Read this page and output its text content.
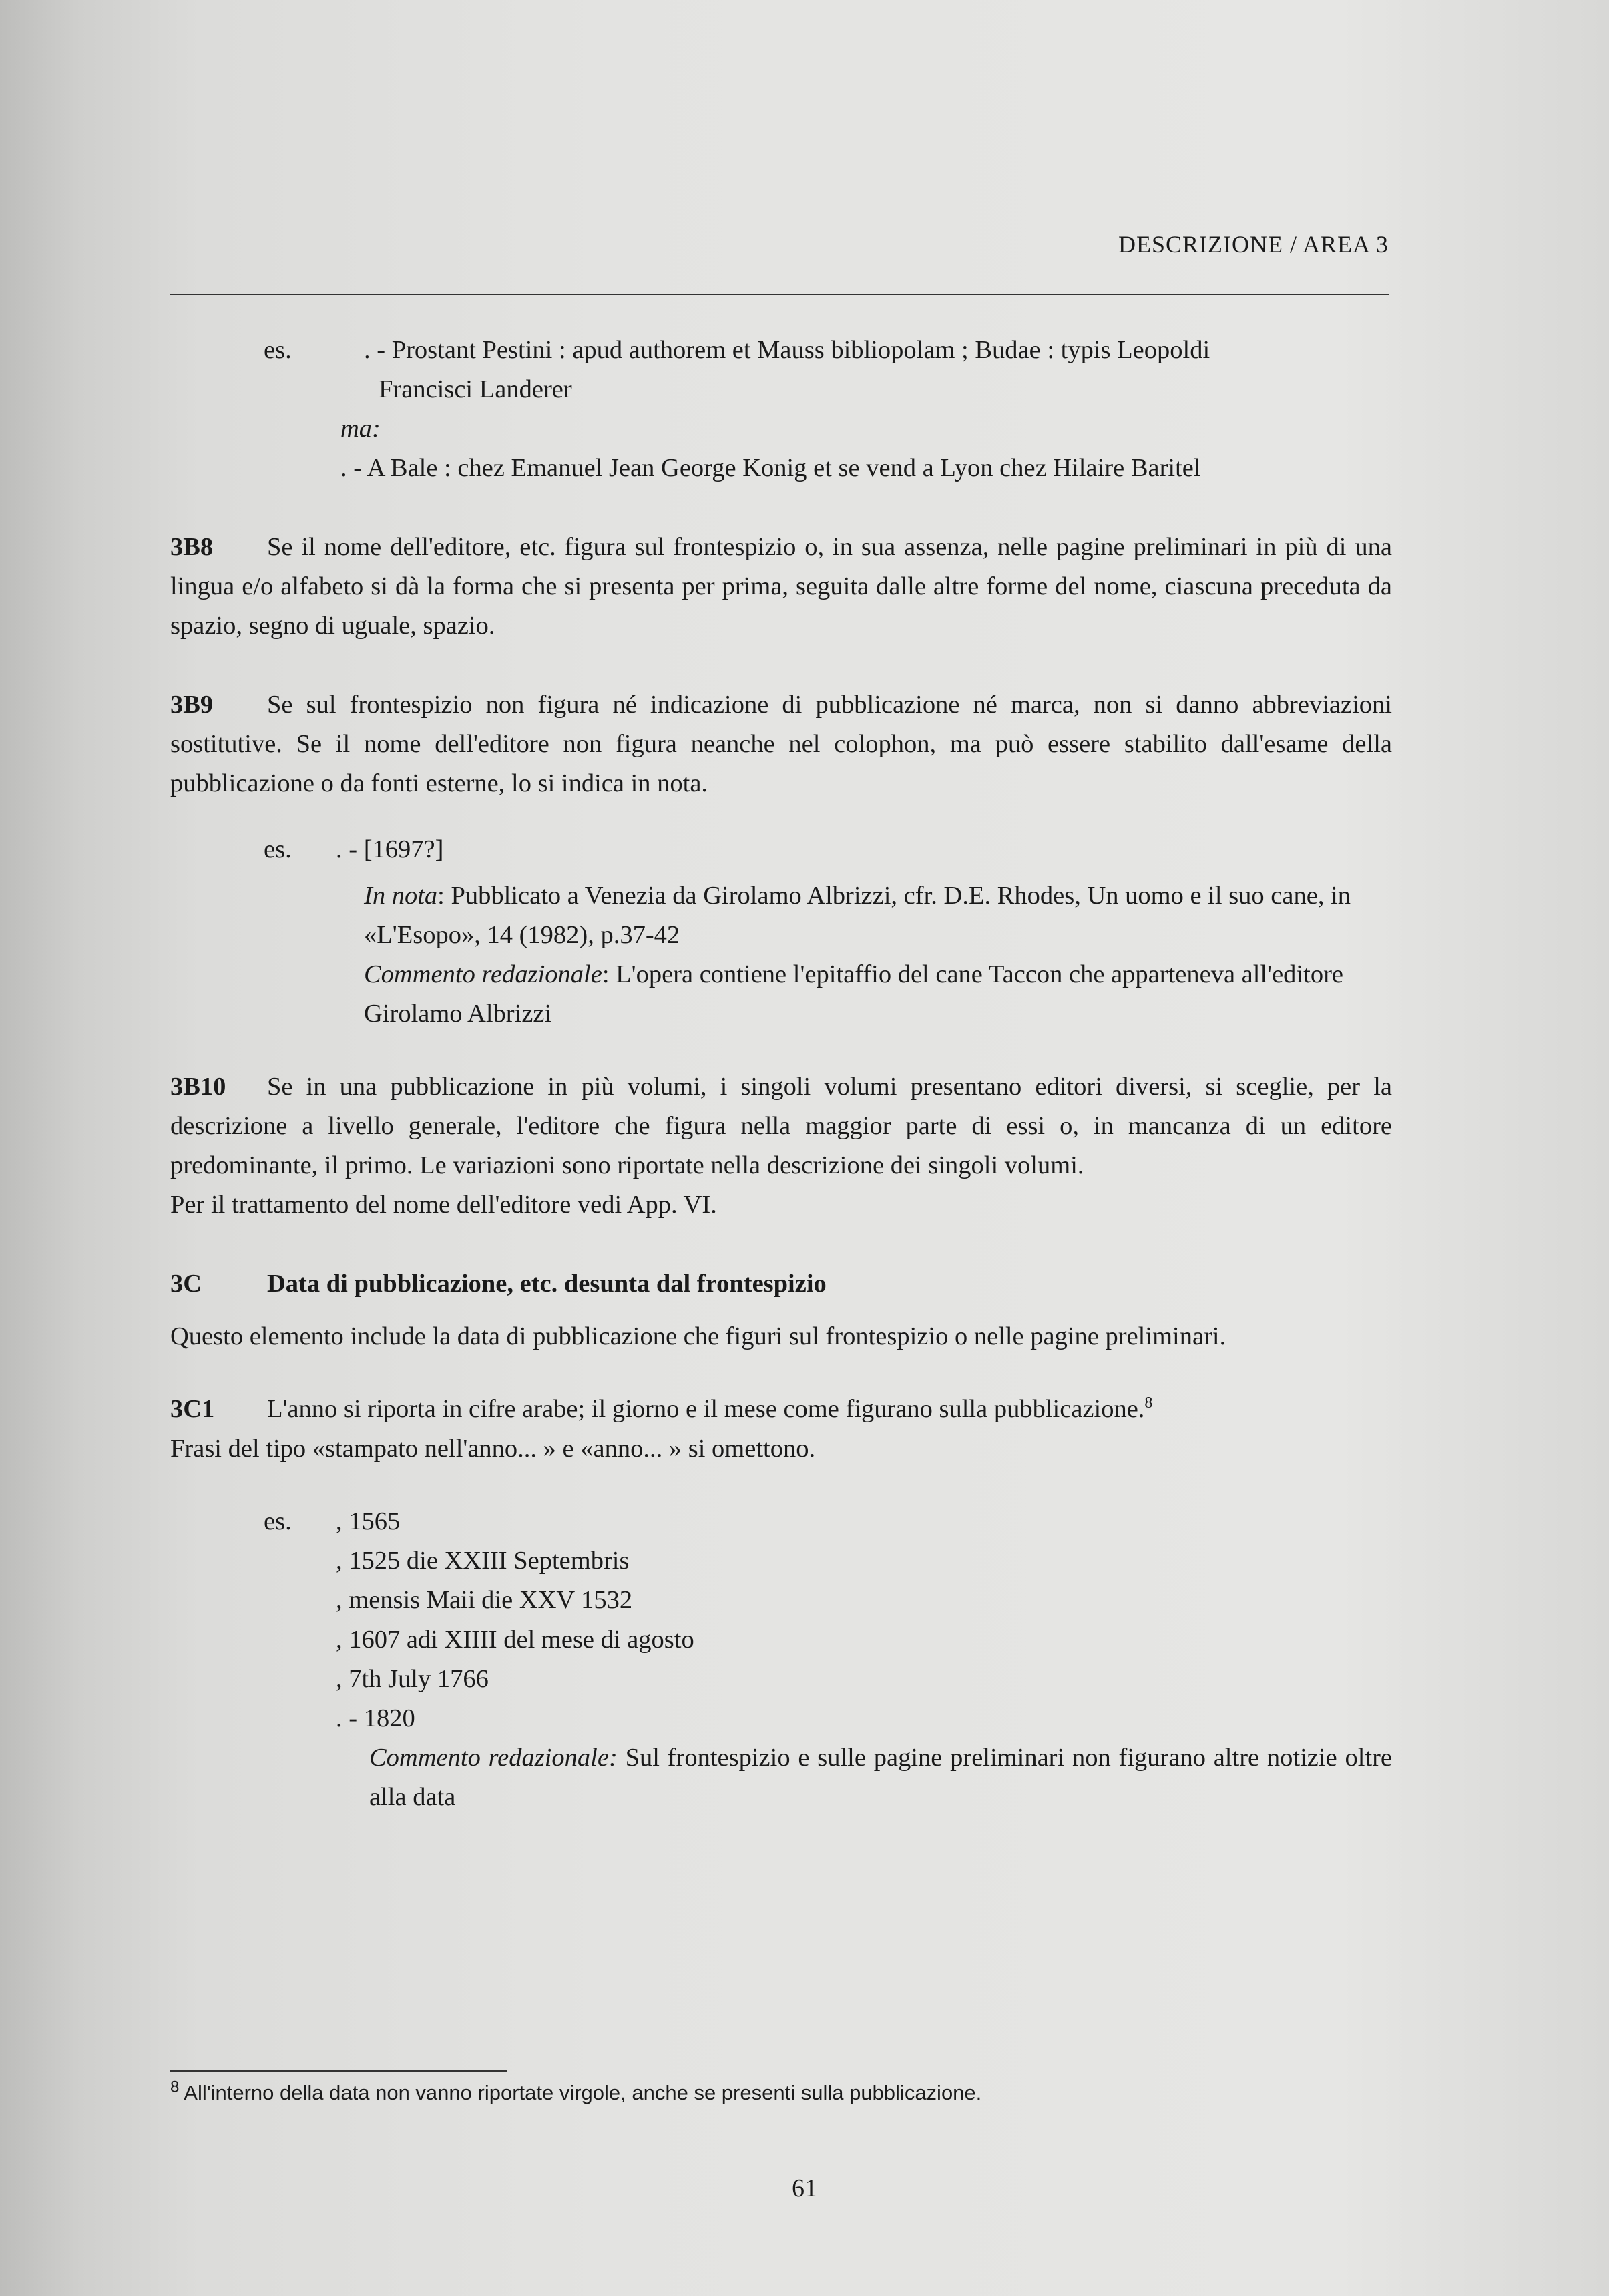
DESCRIZIONE / AREA 3
es.	. - Prostant Pestini : apud authorem et Mauss bibliopolam ; Budae : typis Leopoldi
Francisci Landerer
ma:
. - A Bale : chez Emanuel Jean George Konig et se vend a Lyon chez Hilaire Baritel

3B8 Se il nome dell'editore, etc. figura sul frontespizio o, in sua assenza, nelle pagine preliminari in più di una lingua e/o alfabeto si dà la forma che si presenta per prima, seguita dalle altre forme del nome, ciascuna preceduta da spazio, segno di uguale, spazio.

3B9 Se sul frontespizio non figura né indicazione di pubblicazione né marca, non si danno abbreviazioni sostitutive. Se il nome dell'editore non figura neanche nel colophon, ma può essere stabilito dall'esame della pubblicazione o da fonti esterne, lo si indica in nota.

es.	. - [1697?]
In nota: Pubblicato a Venezia da Girolamo Albrizzi, cfr. D.E. Rhodes, Un uomo e il suo cane, in «L'Esopo», 14 (1982), p.37-42
Commento redazionale: L'opera contiene l'epitaffio del cane Taccon che apparteneva all'editore Girolamo Albrizzi

3B10 Se in una pubblicazione in più volumi, i singoli volumi presentano editori diversi, si sceglie, per la descrizione a livello generale, l'editore che figura nella maggior parte di essi o, in mancanza di un editore predominante, il primo. Le variazioni sono riportate nella descrizione dei singoli volumi.

Per il trattamento del nome dell'editore vedi App. VI.

3C	Data di pubblicazione, etc. desunta dal frontespizio

Questo elemento include la data di pubblicazione che figuri sul frontespizio o nelle pagine preliminari.

3C1 L'anno si riporta in cifre arabe; il giorno e il mese come figurano sulla pubblicazione.$^8$
Frasi del tipo «stampato nell'anno... » e «anno... » si omettono.

es.	, 1565
, 1525 die XXIII Septembris
, mensis Maii die XXV 1532
, 1607 adi XIIII del mese di agosto
, 7th July 1766
. - 1820
Commento redazionale: Sul frontespizio e sulle pagine preliminari non figurano altre notizie oltre alla data
$^8$ All'interno della data non vanno riportate virgole, anche se presenti sulla pubblicazione.
61
